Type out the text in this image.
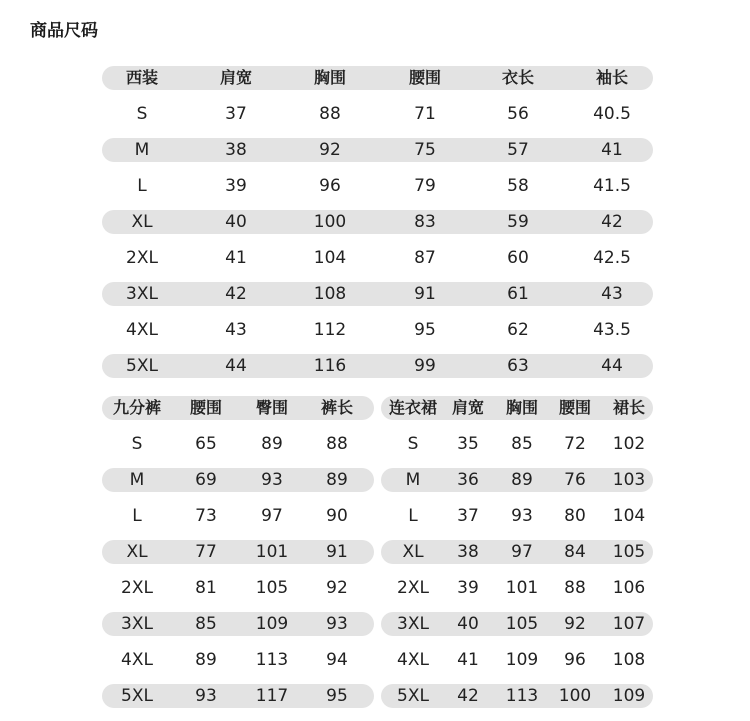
商品尺码
西装	肩宽	胸围	腰围	衣长	袖长
S	37	88	71	56	40.5
M	38	92	75	57	41
L	39	96	79	58	41.5
XL	40	100	83	59	42
2XL	41	104	87	60	42.5
3XL	42	108	91	61	43
4XL	43	112	95	62	43.5
5XL	44	116	99	63	44
九分裤	腰围	臀围	裤长
S	65	89	88
M	69	93	89
L	73	97	90
XL	77	101	91
2XL	81	105	92
3XL	85	109	93
4XL	89	113	94
5XL	93	117	95
连衣裙 肩宽	胸围	腰围	裙长
S	35	85	72	102
M	36	89	76	103
L	37	93	80	104
XL	38	97	84	105
2XL	39	101	88	106
3XL	40	105	92	107
4XL	41	109	96	108
5XL	42	113	100	109
